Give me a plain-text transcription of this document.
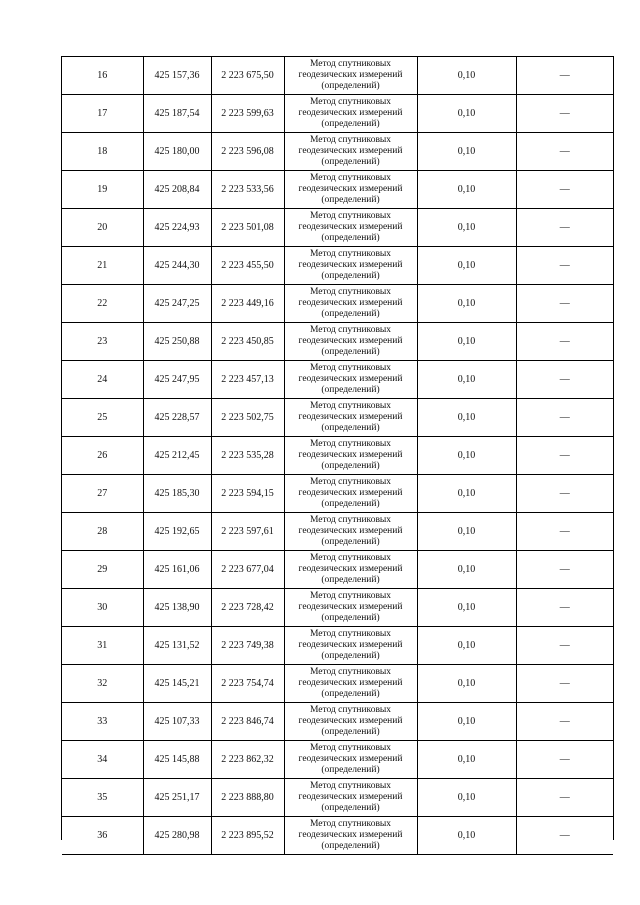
16	425 157,36	2 223 675,50	Метод спутниковых
геодезических измерений
(определений)	0,10	—
17	425 187,54	2 223 599,63	Метод спутниковых
геодезических измерений
(определений)	0,10	—
18	425 180,00	2 223 596,08	Метод спутниковых
геодезических измерений
(определений)	0,10	—
19	425 208,84	2 223 533,56	Метод спутниковых
геодезических измерений
(определений)	0,10	—
20	425 224,93	2 223 501,08	Метод спутниковых
геодезических измерений
(определений)	0,10	—
21	425 244,30	2 223 455,50	Метод спутниковых
геодезических измерений
(определений)	0,10	—
22	425 247,25	2 223 449,16	Метод спутниковых
геодезических измерений
(определений)	0,10	—
23	425 250,88	2 223 450,85	Метод спутниковых
геодезических измерений
(определений)	0,10	—
24	425 247,95	2 223 457,13	Метод спутниковых
геодезических измерений
(определений)	0,10	—
25	425 228,57	2 223 502,75	Метод спутниковых
геодезических измерений
(определений)	0,10	—
26	425 212,45	2 223 535,28	Метод спутниковых
геодезических измерений
(определений)	0,10	—
27	425 185,30	2 223 594,15	Метод спутниковых
геодезических измерений
(определений)	0,10	—
28	425 192,65	2 223 597,61	Метод спутниковых
геодезических измерений
(определений)	0,10	—
29	425 161,06	2 223 677,04	Метод спутниковых
геодезических измерений
(определений)	0,10	—
30	425 138,90	2 223 728,42	Метод спутниковых
геодезических измерений
(определений)	0,10	—
31	425 131,52	2 223 749,38	Метод спутниковых
геодезических измерений
(определений)	0,10	—
32	425 145,21	2 223 754,74	Метод спутниковых
геодезических измерений
(определений)	0,10	—
33	425 107,33	2 223 846,74	Метод спутниковых
геодезических измерений
(определений)	0,10	—
34	425 145,88	2 223 862,32	Метод спутниковых
геодезических измерений
(определений)	0,10	—
35	425 251,17	2 223 888,80	Метод спутниковых
геодезических измерений
(определений)	0,10	—
36	425 280,98	2 223 895,52	Метод спутниковых
геодезических измерений
(определений)	0,10	—
